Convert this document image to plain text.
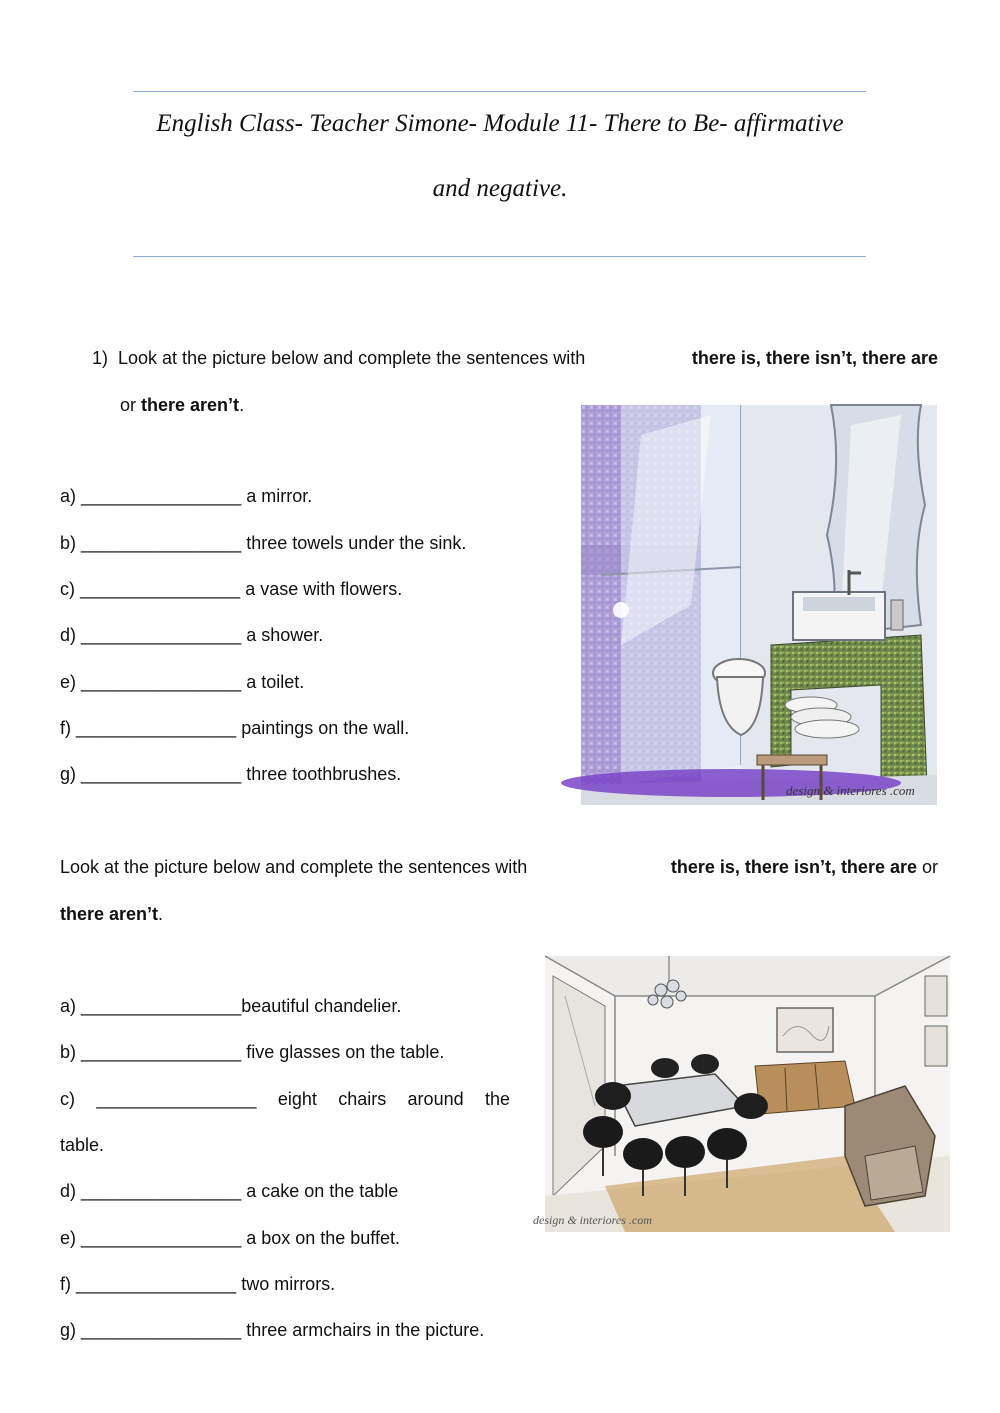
English Class- Teacher Simone- Module 11- There to Be- affirmative
and negative.
1) Look at the picture below and complete the sentences with	there is, there isn’t, there are
or there aren’t.
a) ________________ a mirror.
b) ________________ three towels under the sink.
c) ________________ a vase with flowers.
d) ________________ a shower.
e) ________________ a toilet.
f) ________________ paintings on the wall.
g) ________________ three toothbrushes.
design & interiores .com
Look at the picture below and complete the sentences with	there is, there isn’t, there are or
there aren’t.
a) ________________beautiful chandelier.
b) ________________ five glasses on the table.
c) ________________ eight chairs around the
table.
d) ________________ a cake on the table
e) ________________ a box on the buffet.
f) ________________ two mirrors.
g) ________________ three armchairs in the picture.
design & interiores .com
